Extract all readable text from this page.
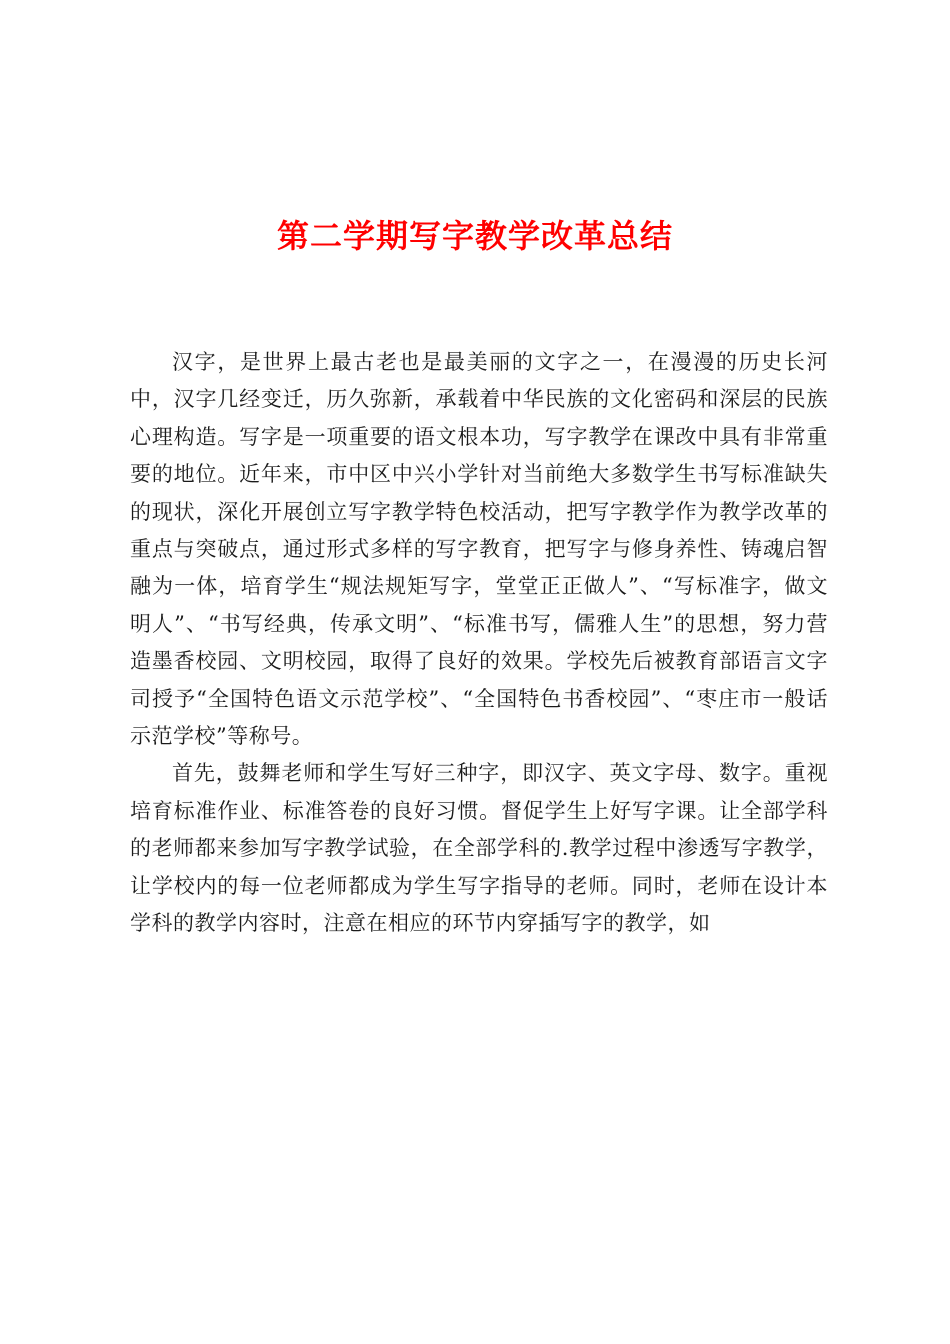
第二学期写字教学改革总结

汉字，是世界上最古老也是最美丽的文字之一，在漫漫的历史长河中，汉字几经变迁，历久弥新，承载着中华民族的文化密码和深层的民族心理构造。写字是一项重要的语文根本功，写字教学在课改中具有非常重要的地位。近年来，市中区中兴小学针对当前绝大多数学生书写标准缺失的现状，深化开展创立写字教学特色校活动，把写字教学作为教学改革的重点与突破点，通过形式多样的写字教育，把写字与修身养性、铸魂启智融为一体，培育学生“规法规矩写字，堂堂正正做人”、“写标准字，做文明人”、“书写经典，传承文明”、“标准书写，儒雅人生”的思想，努力营造墨香校园、文明校园，取得了良好的效果。学校先后被教育部语言文字司授予“全国特色语文示范学校”、“全国特色书香校园”、“枣庄市一般话示范学校”等称号。

首先，鼓舞老师和学生写好三种字，即汉字、英文字母、数字。重视培育标准作业、标准答卷的良好习惯。督促学生上好写字课。让全部学科的老师都来参加写字教学试验，在全部学科的.教学过程中渗透写字教学，让学校内的每一位老师都成为学生写字指导的老师。同时，老师在设计本学科的教学内容时，注意在相应的环节内穿插写字的教学，如
